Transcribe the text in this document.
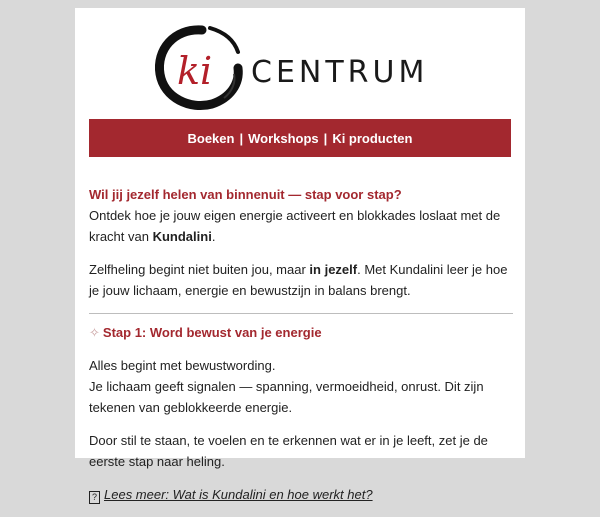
ki CENTRUM
Boeken | Workshops | Ki producten

Wil jij jezelf helen van binnenuit — stap voor stap?
Ontdek hoe je jouw eigen energie activeert en blokkades loslaat met de kracht van Kundalini.

Zelfheling begint niet buiten jou, maar in jezelf. Met Kundalini leer je hoe je jouw lichaam, energie en bewustzijn in balans brengt.

✧ Stap 1: Word bewust van je energie

Alles begint met bewustwording.
Je lichaam geeft signalen — spanning, vermoeidheid, onrust. Dit zijn tekenen van geblokkeerde energie.

Door stil te staan, te voelen en te erkennen wat er in je leeft, zet je de eerste stap naar heling.

? Lees meer: Wat is Kundalini en hoe werkt het?
